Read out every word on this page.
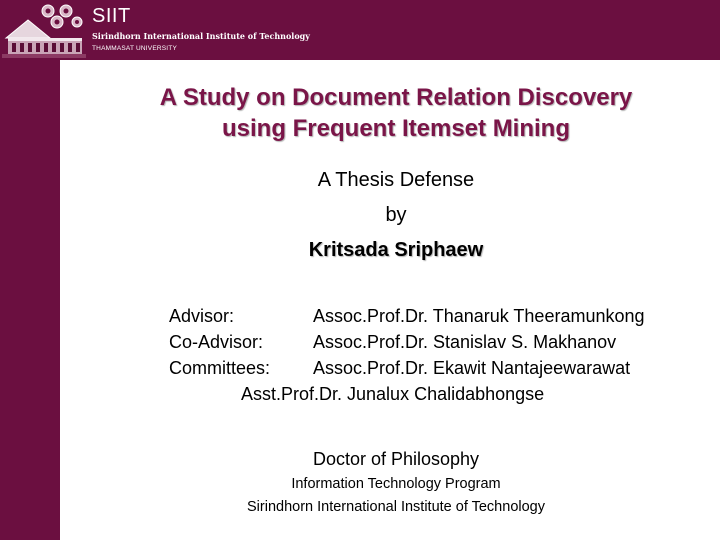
SIIT
Sirindhorn International Institute of Technology
THAMMASAT UNIVERSITY
A Study on Document Relation Discovery
using Frequent Itemset Mining
A Thesis Defense
by
Kritsada Sriphaew
Advisor:	Assoc.Prof.Dr. Thanaruk Theeramunkong
Co-Advisor:	Assoc.Prof.Dr. Stanislav S. Makhanov
Committees: Assoc.Prof.Dr. Ekawit Nantajeewarawat
Asst.Prof.Dr. Junalux Chalidabhongse
Doctor of Philosophy
Information Technology Program
Sirindhorn International Institute of Technology
